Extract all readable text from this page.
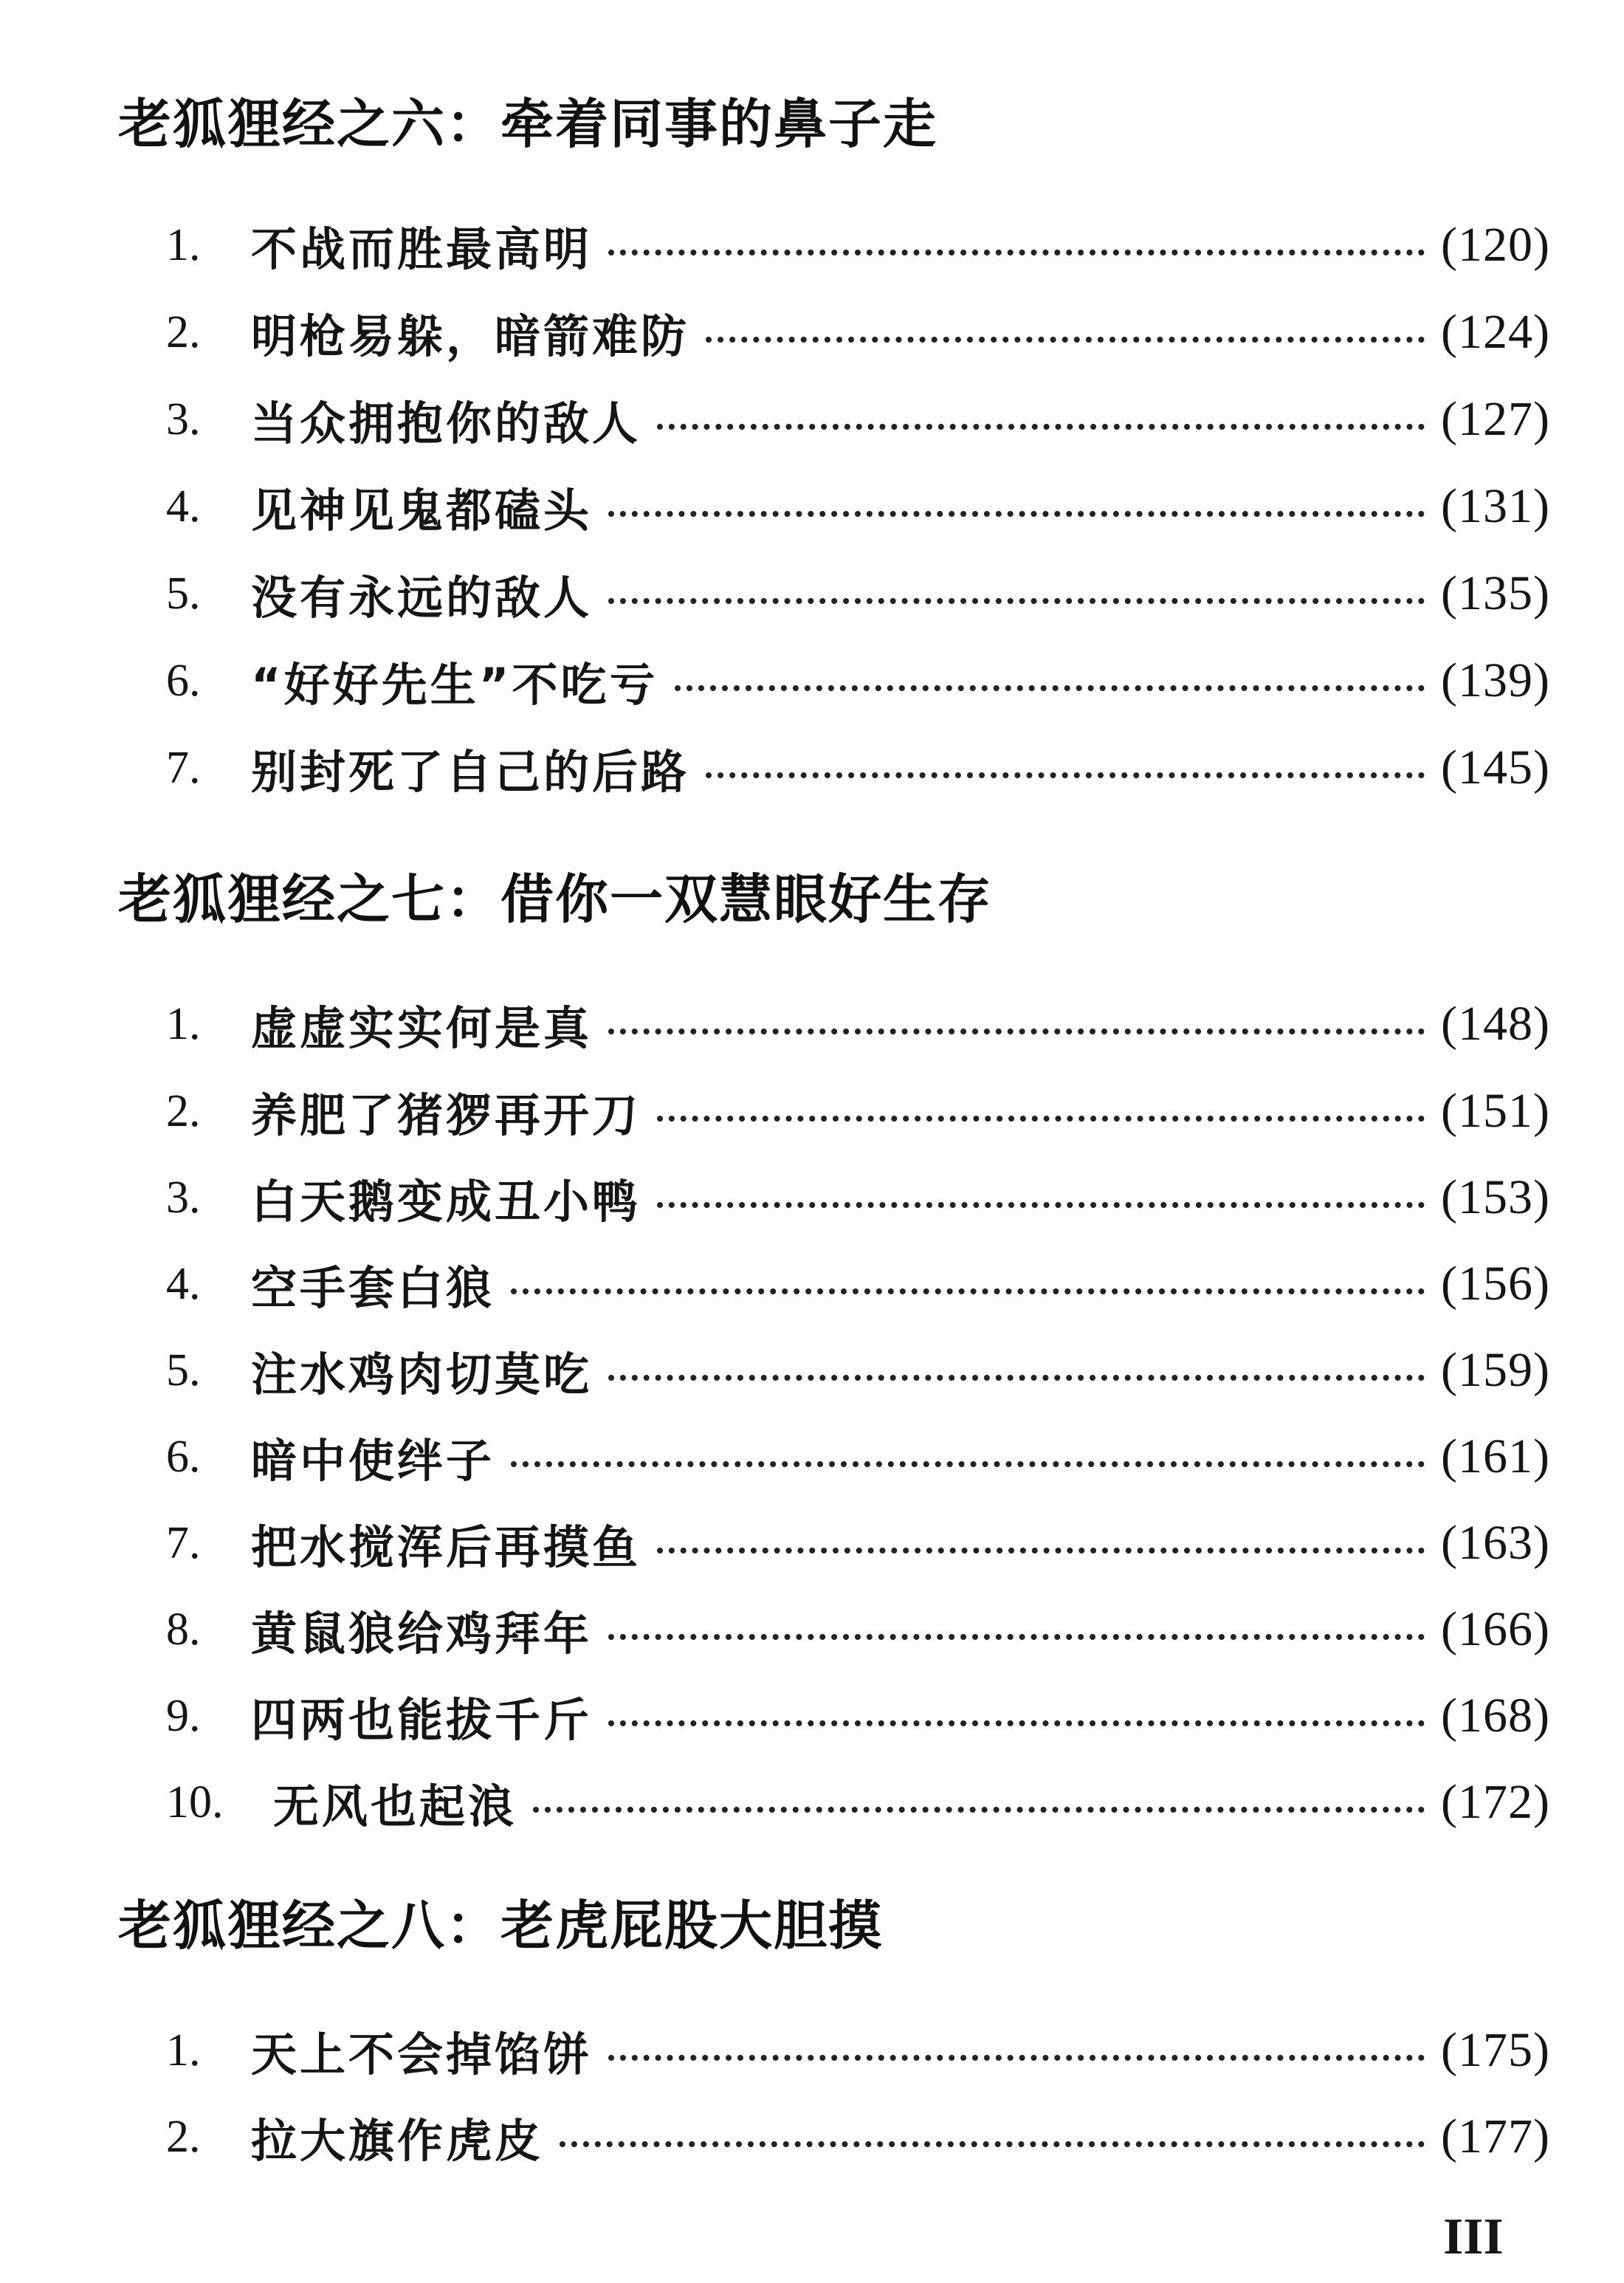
老狐狸经之六：牵着同事的鼻子走
1.	不战而胜最高明	(120)
2.	明枪易躲，暗箭难防	(124)
3.	当众拥抱你的敌人	(127)
4.	见神见鬼都磕头	(131)
5.	没有永远的敌人	(135)
6.	“好好先生”不吃亏	(139)
7.	别封死了自己的后路	(145)
老狐狸经之七：借你一双慧眼好生存
1.	虚虚实实何是真	(148)
2.	养肥了猪猡再开刀	(151)
3.	白天鹅变成丑小鸭	(153)
4.	空手套白狼	(156)
5.	注水鸡肉切莫吃	(159)
6.	暗中使绊子	(161)
7.	把水搅浑后再摸鱼	(163)
8.	黄鼠狼给鸡拜年	(166)
9.	四两也能拔千斤	(168)
10.	无风也起浪	(172)
老狐狸经之八：老虎屁股大胆摸
1.	天上不会掉馅饼	(175)
2.	拉大旗作虎皮	(177)
III
